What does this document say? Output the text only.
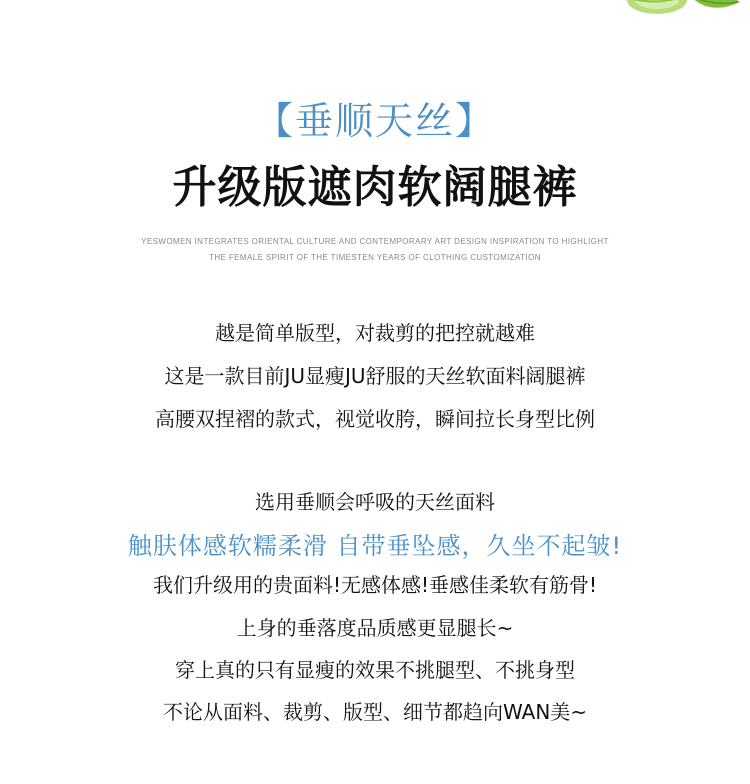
【垂顺天丝】
升级版遮肉软阔腿裤
YESWOMEN INTEGRATES ORIENTAL CULTURE AND CONTEMPORARY ART DESIGN INSPIRATION TO HIGHLIGHT
THE FEMALE SPIRIT OF THE TIMESTEN YEARS OF CLOTHING CUSTOMIZATION
越是简单版型，对裁剪的把控就越难
这是一款目前JU显瘦JU舒服的天丝软面料阔腿裤
高腰双捏褶的款式，视觉收胯，瞬间拉长身型比例
选用垂顺会呼吸的天丝面料
触肤体感软糯柔滑 自带垂坠感，久坐不起皱!
我们升级用的贵面料!无感体感!垂感佳柔软有筋骨!
上身的垂落度品质感更显腿长~
穿上真的只有显瘦的效果不挑腿型、不挑身型
不论从面料、裁剪、版型、细节都趋向WAN美~
